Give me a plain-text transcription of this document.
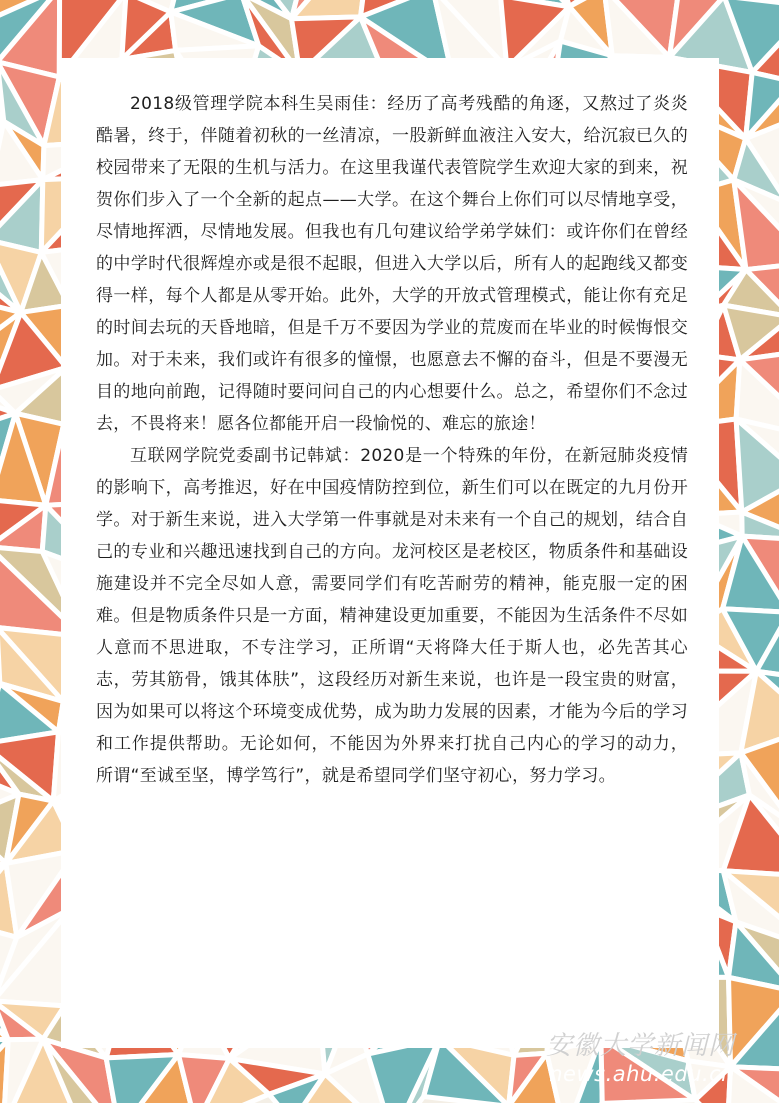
2018级管理学院本科生吴雨佳：经历了高考残酷的角逐，又熬过了炎炎酷暑，终于，伴随着初秋的一丝清凉，一股新鲜血液注入安大，给沉寂已久的校园带来了无限的生机与活力。在这里我谨代表管院学生欢迎大家的到来，祝贺你们步入了一个全新的起点——大学。在这个舞台上你们可以尽情地享受，尽情地挥洒，尽情地发展。但我也有几句建议给学弟学妹们：或许你们在曾经的中学时代很辉煌亦或是很不起眼，但进入大学以后，所有人的起跑线又都变得一样，每个人都是从零开始。此外，大学的开放式管理模式，能让你有充足的时间去玩的天昏地暗，但是千万不要因为学业的荒废而在毕业的时候悔恨交加。对于未来，我们或许有很多的憧憬，也愿意去不懈的奋斗，但是不要漫无目的地向前跑，记得随时要问问自己的内心想要什么。总之，希望你们不念过去，不畏将来！愿各位都能开启一段愉悦的、难忘的旅途！

互联网学院党委副书记韩斌：2020是一个特殊的年份，在新冠肺炎疫情的影响下，高考推迟，好在中国疫情防控到位，新生们可以在既定的九月份开学。对于新生来说，进入大学第一件事就是对未来有一个自己的规划，结合自己的专业和兴趣迅速找到自己的方向。龙河校区是老校区，物质条件和基础设施建设并不完全尽如人意，需要同学们有吃苦耐劳的精神，能克服一定的困难。但是物质条件只是一方面，精神建设更加重要，不能因为生活条件不尽如人意而不思进取，不专注学习，正所谓“天将降大任于斯人也，必先苦其心志，劳其筋骨，饿其体肤”，这段经历对新生来说，也许是一段宝贵的财富，因为如果可以将这个环境变成优势，成为助力发展的因素，才能为今后的学习和工作提供帮助。无论如何，不能因为外界来打扰自己内心的学习的动力， 所谓“至诚至坚，博学笃行”，就是希望同学们坚守初心，努力学习。

安徽大学新闻网
news.ahu.edu.cn
